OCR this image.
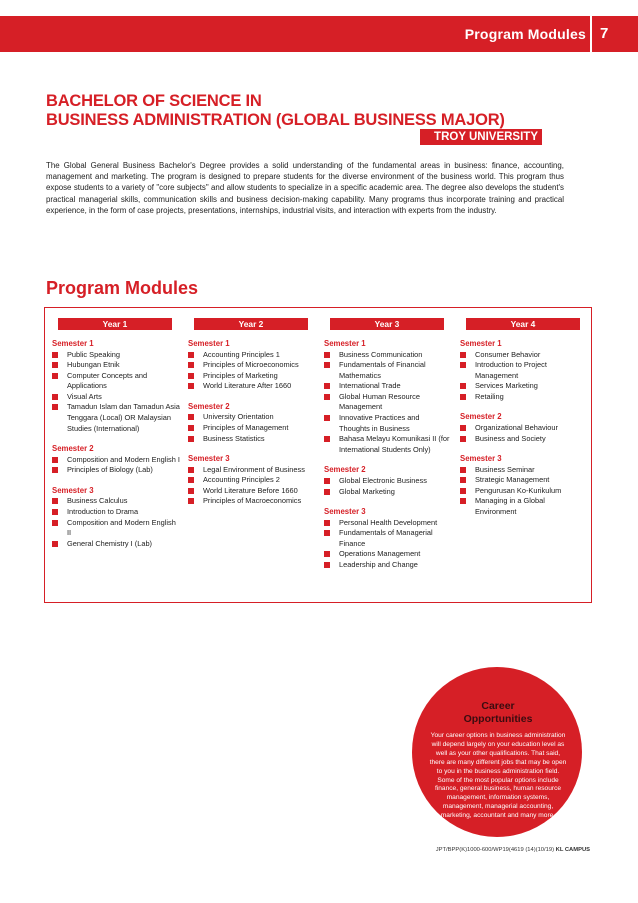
Program Modules 7
BACHELOR OF SCIENCE IN
BUSINESS ADMINISTRATION (GLOBAL BUSINESS MAJOR)
TROY UNIVERSITY
The Global General Business Bachelor's Degree provides a solid understanding of the fundamental areas in business: finance, accounting, management and marketing. The program is designed to prepare students for the diverse environment of the business world. This program thus expose students to a variety of "core subjects" and allow students to specialize in a specific academic area. The degree also develops the student's practical managerial skills, communication skills and business decision-making capability. Many programs thus incorporate training and practical experience, in the form of case projects, presentations, internships, industrial visits, and interaction with experts from the industry.
Program Modules
Year 1
Semester 1
Public Speaking
Hubungan Etnik
Computer Concepts and Applications
Visual Arts
Tamadun Islam dan Tamadun Asia Tenggara (Local) OR Malaysian Studies (International)
Semester 2
Composition and Modern English I
Principles of Biology (Lab)
Semester 3
Business Calculus
Introduction to Drama
Composition and Modern English II
General Chemistry I (Lab)
Year 2
Semester 1
Accounting Principles 1
Principles of Microeconomics
Principles of Marketing
World Literature After 1660
Semester 2
University Orientation
Principles of Management
Business Statistics
Semester 3
Legal Environment of Business
Accounting Principles 2
World Literature Before 1660
Principles of Macroeconomics
Year 3
Semester 1
Business Communication
Fundamentals of Financial Mathematics
International Trade
Global Human Resource Management
Innovative Practices and Thoughts in Business
Bahasa Melayu Komunikasi II (for International Students Only)
Semester 2
Global Electronic Business
Global Marketing
Semester 3
Personal Health Development
Fundamentals of Managerial Finance
Operations Management
Leadership and Change
Year 4
Semester 1
Consumer Behavior
Introduction to Project Management
Services Marketing
Retailing
Semester 2
Organizational Behaviour
Business and Society
Semester 3
Business Seminar
Strategic Management
Pengurusan Ko-Kurikulum
Managing in a Global Environment
Career
Opportunities
Your career options in business administration will depend largely on your education level as well as your other qualifications. That said, there are many different jobs that may be open to you in the business administration field. Some of the most popular options include finance, general business, human resource management, information systems, management, managerial accounting, marketing, accountant and many more.
JPT/BPP(K)1000-600/WP19(4619 (14)(10/19) KL CAMPUS
